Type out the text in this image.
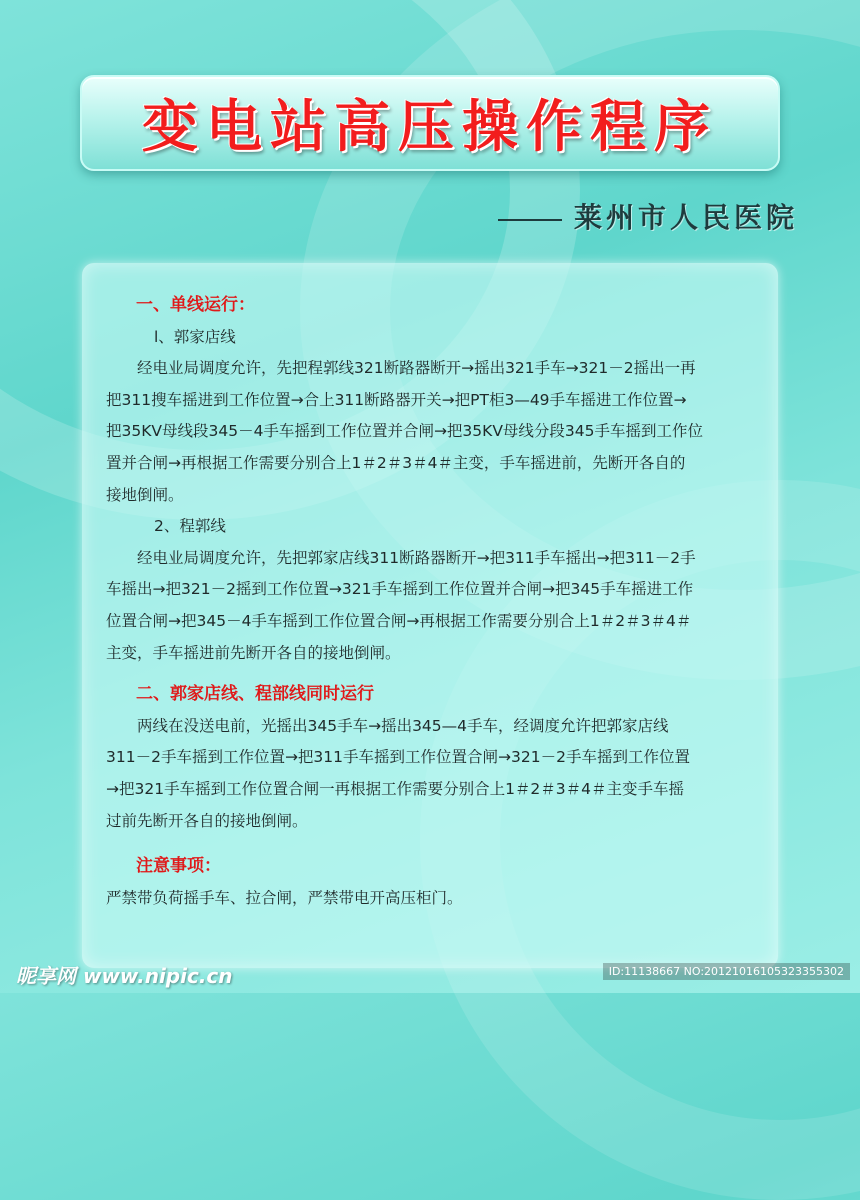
变电站高压操作程序
莱州市人民医院

一、单线运行：

l、郭家店线

经电业局调度允许，先把程郭线321断路器断开→摇出321手车→321－2摇出一再
把311搜车摇进到工作位置→合上311断路器开关→把PT柜3—49手车摇进工作位置→
把35KV母线段345－4手车摇到工作位置并合闸→把35KV母线分段345手车摇到工作位
置并合闸→再根据工作需要分别合上1＃2＃3＃4＃主变，手车摇进前，先断开各自的
接地倒闸。

2、程郭线

经电业局调度允许，先把郭家店线311断路器断开→把311手车摇出→把311－2手
车摇出→把321－2摇到工作位置→321手车摇到工作位置并合闸→把345手车摇进工作
位置合闸→把345－4手车摇到工作位置合闸→再根据工作需要分别合上1＃2＃3＃4＃
主变，手车摇进前先断开各自的接地倒闸。

二、郭家店线、程部线同时运行

两线在没送电前，光摇出345手车→摇出345—4手车，经调度允许把郭家店线
311－2手车摇到工作位置→把311手车摇到工作位置合闸→321－2手车摇到工作位置
→把321手车摇到工作位置合闸一再根据工作需要分别合上1＃2＃3＃4＃主变手车摇
过前先断开各自的接地倒闸。

注意事项：

严禁带负荷摇手车、拉合闸，严禁带电开高压柜门。
昵享网 www.nipic.cn	ID:11138667 NO:20121016105323355302
